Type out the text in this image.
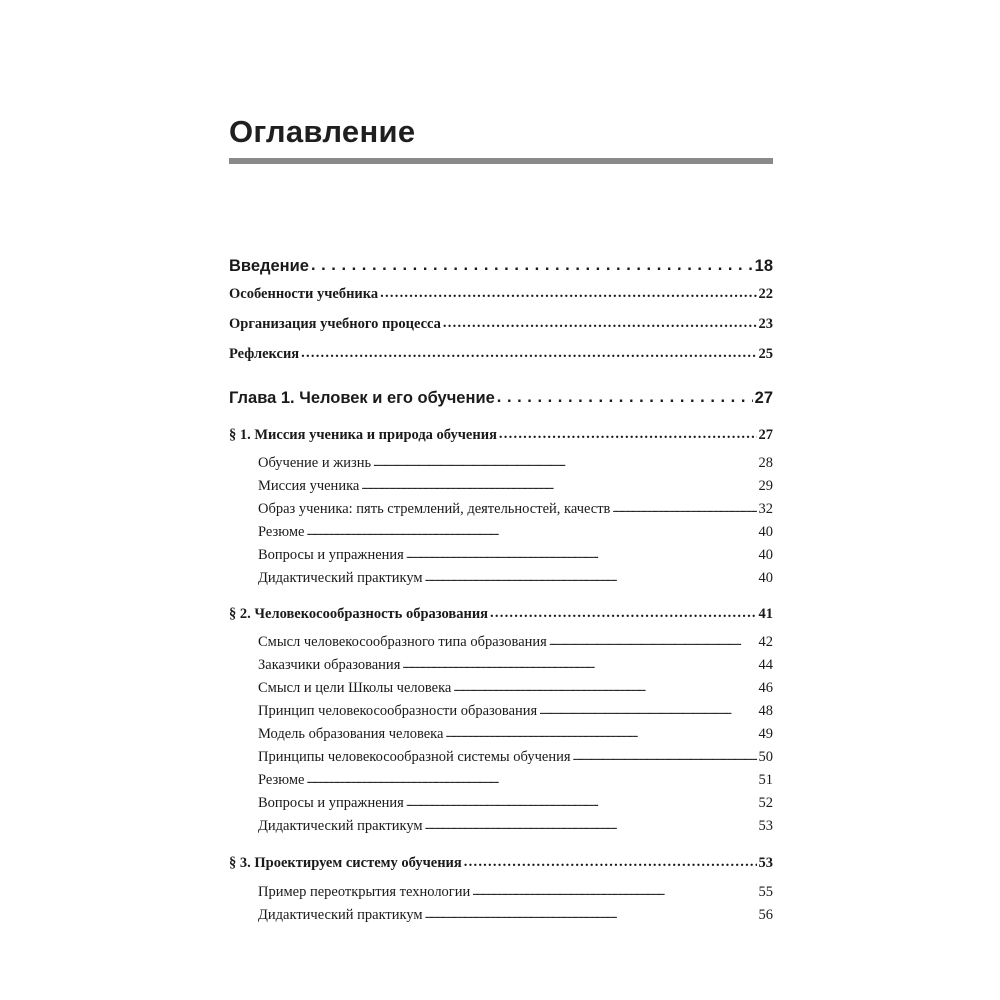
Оглавление
Введение . . .	18
Особенности учебника . . .	22
Организация учебного процесса . . .	23
Рефлексия . . .	25
Глава 1. Человек и его обучение . . .	27
§ 1. Миссия ученика и природа обучения . . .	27
Обучение и жизнь . . .	28
Миссия ученика . . .	29
Образ ученика: пять стремлений, деятельностей, качеств . . .	32
Резюме . . .	40
Вопросы и упражнения . . .	40
Дидактический практикум . . .	40
§ 2. Человекосообразность образования . . .	41
Смысл человекосообразного типа образования . . .	42
Заказчики образования . . .	44
Смысл и цели Школы человека . . .	46
Принцип человекосообразности образования . . .	48
Модель образования человека . . .	49
Принципы человекосообразной системы обучения . . .	50
Резюме . . .	51
Вопросы и упражнения . . .	52
Дидактический практикум . . .	53
§ 3. Проектируем систему обучения . . .	53
Пример переоткрытия технологии . . .	55
Дидактический практикум . . .	56
